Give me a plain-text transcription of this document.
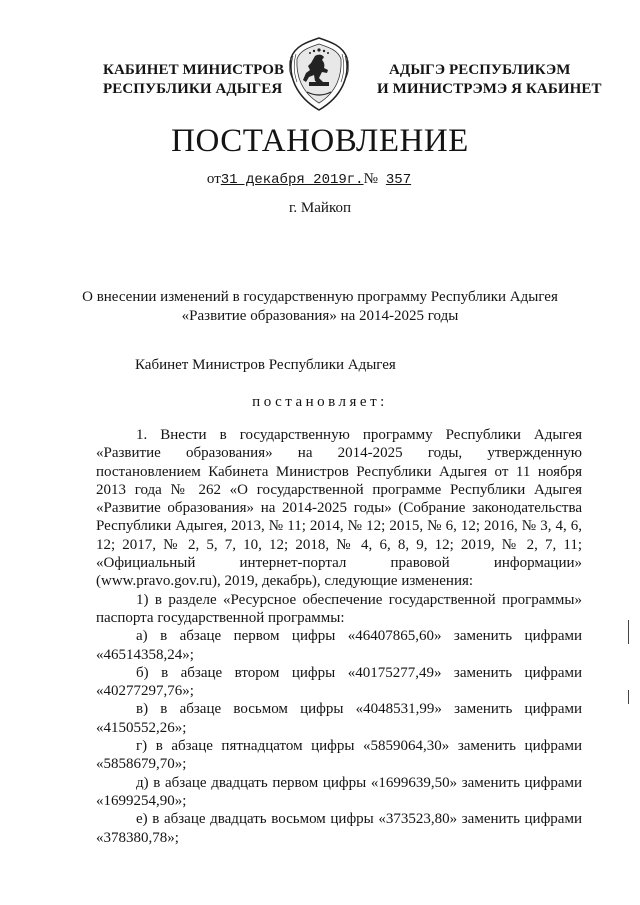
КАБИНЕТ МИНИСТРОВ
РЕСПУБЛИКИ АДЫГЕЯ
АДЫГЭ РЕСПУБЛИКЭМ
И МИНИСТРЭМЭ Я КАБИНЕТ
ПОСТАНОВЛЕНИЕ
от31 декабря 2019г.№ 357
г. Майкоп
О внесении изменений в государственную программу Республики Адыгея
«Развитие образования» на 2014-2025 годы
Кабинет Министров Республики Адыгея
постановляет:

1. Внести в государственную программу Республики Адыгея «Развитие образования» на 2014-2025 годы, утвержденную постановлением Кабинета Министров Республики Адыгея от 11 ноября 2013 года № 262 «О государственной программе Республики Адыгея «Развитие образования» на 2014-2025 годы» (Собрание законодательства Республики Адыгея, 2013, № 11; 2014, № 12; 2015, № 6, 12; 2016, № 3, 4, 6, 12; 2017, № 2, 5, 7, 10, 12; 2018, № 4, 6, 8, 9, 12; 2019, № 2, 7, 11; «Официальный интернет-портал правовой информации» (www.pravo.gov.ru), 2019, декабрь), следующие изменения:

1) в разделе «Ресурсное обеспечение государственной программы» паспорта государственной программы:

а) в абзаце первом цифры «46407865,60» заменить цифрами

«46514358,24»;

б) в абзаце втором цифры «40175277,49» заменить цифрами

«40277297,76»;

в) в абзаце восьмом цифры «4048531,99» заменить цифрами

«4150552,26»;

г) в абзаце пятнадцатом цифры «5859064,30» заменить цифрами

«5858679,70»;

д) в абзаце двадцать первом цифры «1699639,50» заменить цифрами

«1699254,90»;

е) в абзаце двадцать восьмом цифры «373523,80» заменить цифрами

«378380,78»;
